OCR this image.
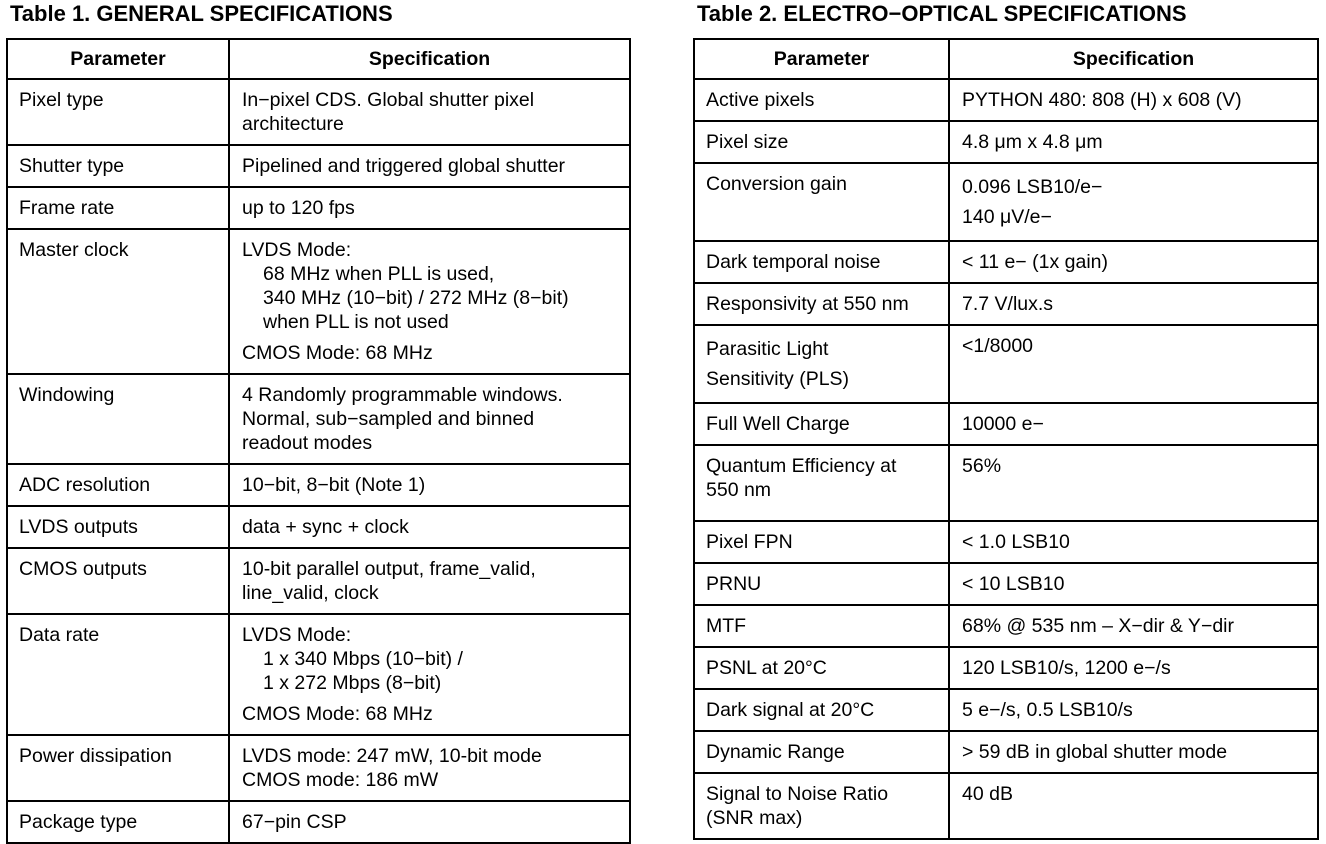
Table 1. GENERAL SPECIFICATIONS
Parameter	Specification
Pixel type	In−pixel CDS. Global shutter pixel
architecture

Shutter type	Pipelined and triggered global shutter

Frame rate	up to 120 fps

Master clock	LVDS Mode:
68 MHz when PLL is used,
340 MHz (10−bit) / 272 MHz (8−bit)
when PLL is not used
CMOS Mode: 68 MHz

Windowing	4 Randomly programmable windows.
Normal, sub−sampled and binned
readout modes

ADC resolution	10−bit, 8−bit (Note 1)

LVDS outputs	data + sync + clock

CMOS outputs	10-bit parallel output, frame_valid,
line_valid, clock

Data rate	LVDS Mode:
1 x 340 Mbps (10−bit) /
1 x 272 Mbps (8−bit)
CMOS Mode: 68 MHz

Power dissipation	LVDS mode: 247 mW, 10-bit mode
CMOS mode: 186 mW

Package type	67−pin CSP
Table 2. ELECTRO−OPTICAL SPECIFICATIONS
Parameter	Specification

Active pixels	PYTHON 480: 808 (H) x 608 (V)

Pixel size	4.8 μm x 4.8 μm

Conversion gain	0.096 LSB10/e−
140 μV/e−

Dark temporal noise	< 11 e− (1x gain)

Responsivity at 550 nm	7.7 V/lux.s

Parasitic Light
Sensitivity (PLS)	<1/8000

Full Well Charge	10000 e−

Quantum Efficiency at
550 nm	56%

Pixel FPN	< 1.0 LSB10

PRNU	< 10 LSB10

MTF	68% @ 535 nm – X−dir & Y−dir

PSNL at 20°C	120 LSB10/s, 1200 e−/s

Dark signal at 20°C	5 e−/s, 0.5 LSB10/s

Dynamic Range	> 59 dB in global shutter mode

Signal to Noise Ratio
(SNR max)	40 dB
